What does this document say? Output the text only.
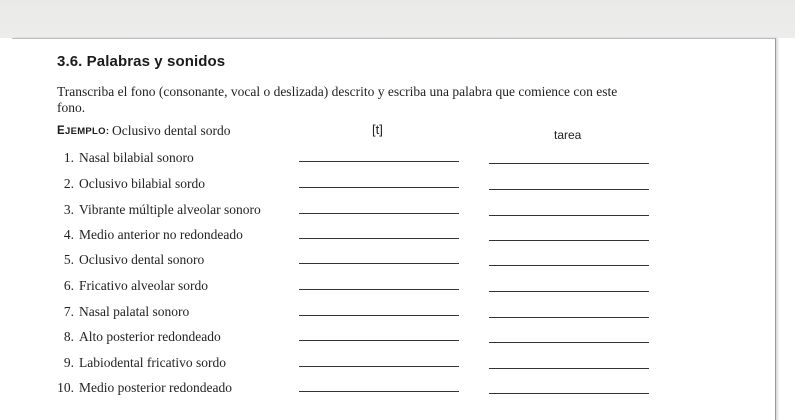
3.6. Palabras y sonidos
Transcriba el fono (consonante, vocal o deslizada) descrito y escriba una palabra que comience con este fono.
EJEMPLO: Oclusivo dental sordo	[t]	tarea
1. Nasal bilabial sonoro
2. Oclusivo bilabial sordo
3. Vibrante múltiple alveolar sonoro
4. Medio anterior no redondeado
5. Oclusivo dental sonoro
6. Fricativo alveolar sordo
7. Nasal palatal sonoro
8. Alto posterior redondeado
9. Labiodental fricativo sordo
10. Medio posterior redondeado
